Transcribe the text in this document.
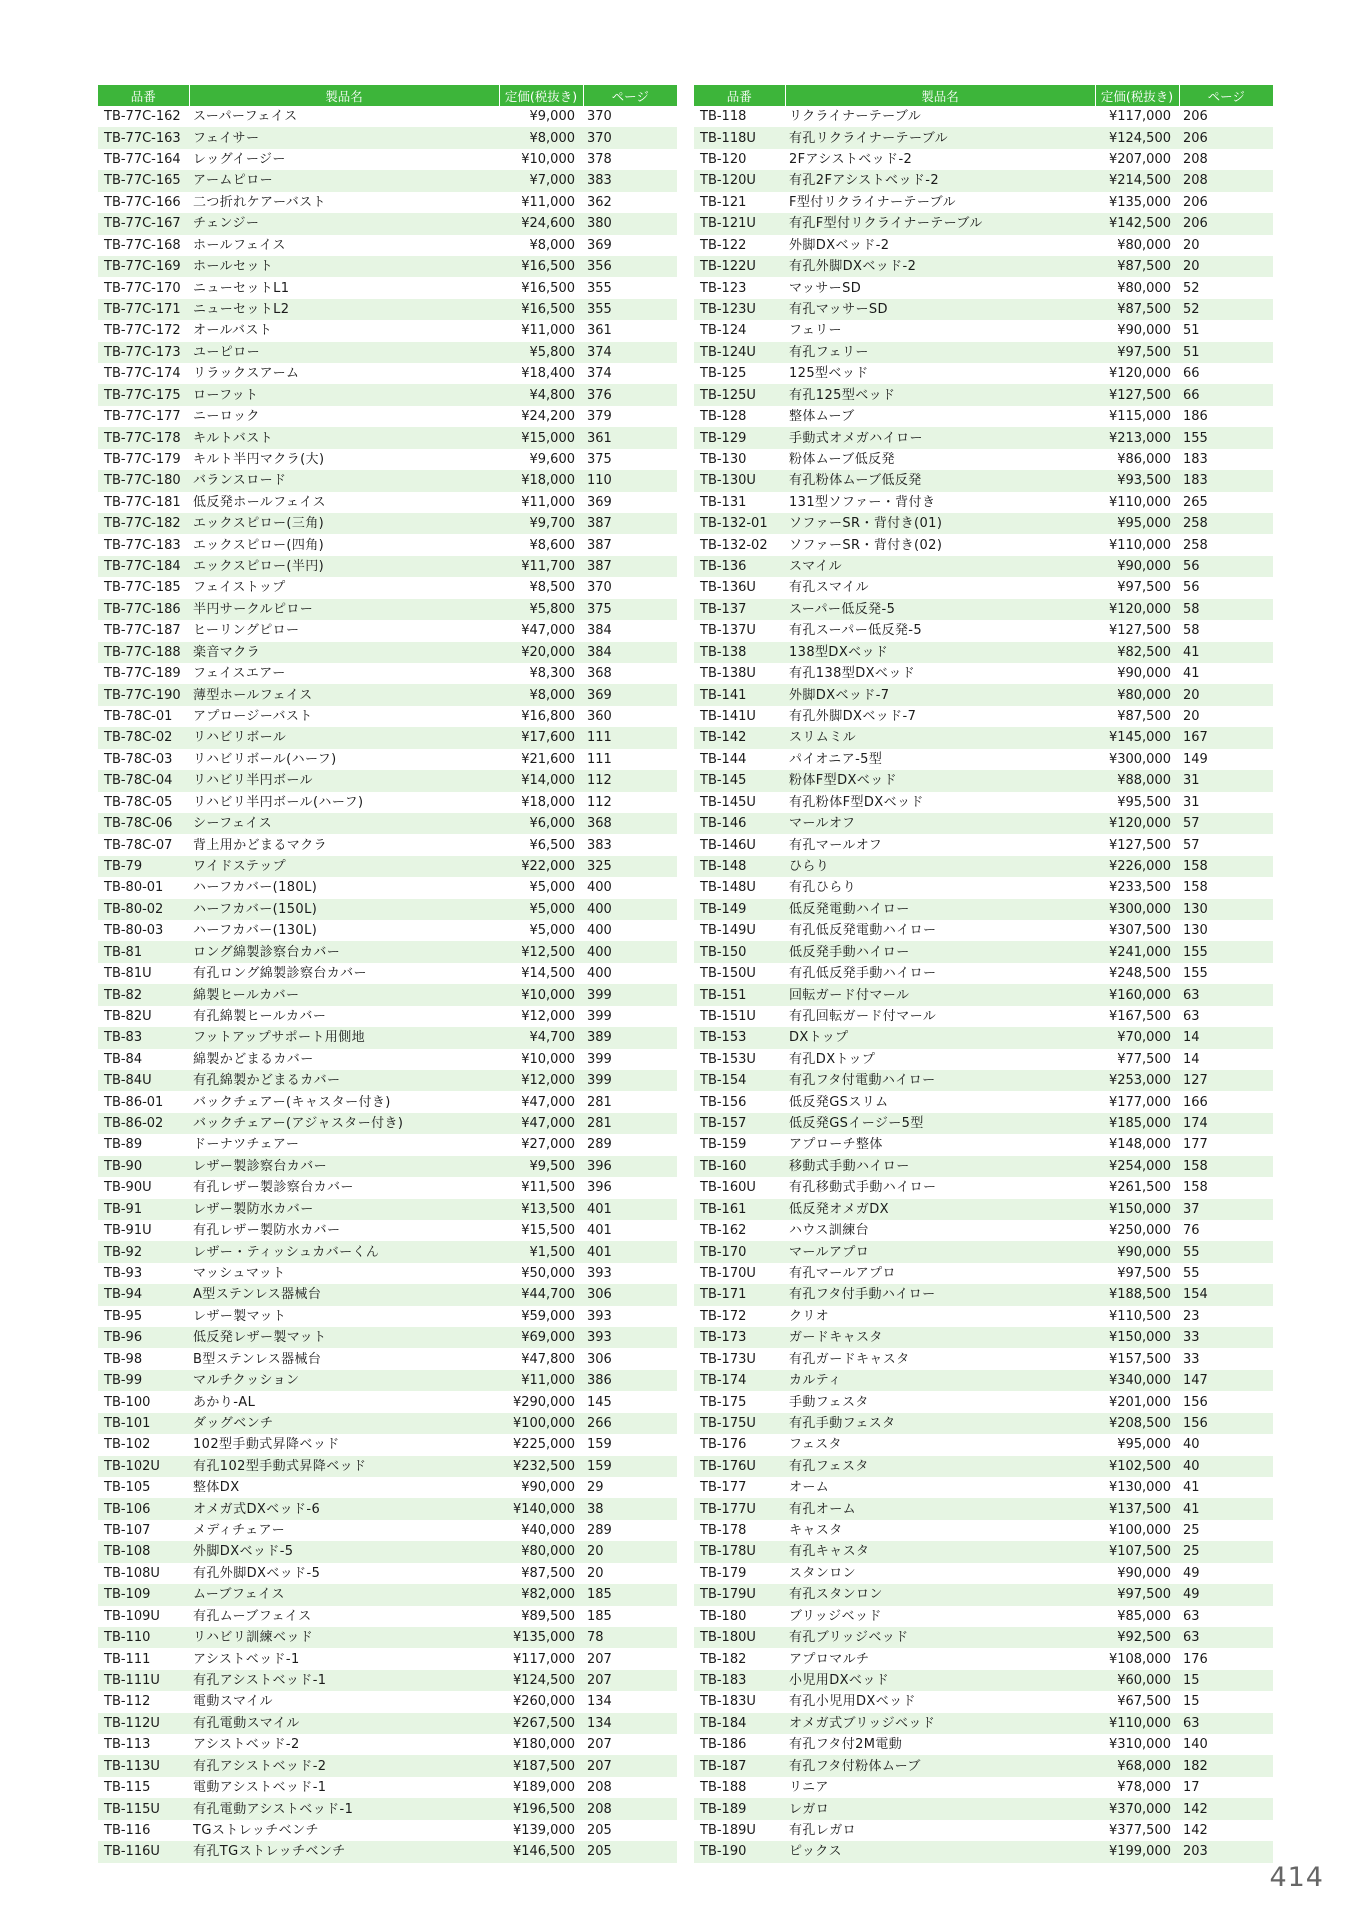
品番	製品名	定価(税抜き)	ページ
TB-77C-162	スーパーフェイス	¥9,000	370
TB-77C-163	フェイサー	¥8,000	370
TB-77C-164	レッグイージー	¥10,000	378
TB-77C-165	アームピロー	¥7,000	383
TB-77C-166	二つ折れケアーバスト	¥11,000	362
TB-77C-167	チェンジー	¥24,600	380
TB-77C-168	ホールフェイス	¥8,000	369
TB-77C-169	ホールセット	¥16,500	356
TB-77C-170	ニューセットL1	¥16,500	355
TB-77C-171	ニューセットL2	¥16,500	355
TB-77C-172	オールバスト	¥11,000	361
TB-77C-173	ユーピロー	¥5,800	374
TB-77C-174	リラックスアーム	¥18,400	374
TB-77C-175	ローフット	¥4,800	376
TB-77C-177	ニーロック	¥24,200	379
TB-77C-178	キルトバスト	¥15,000	361
TB-77C-179	キルト半円マクラ(大)	¥9,600	375
TB-77C-180	バランスロード	¥18,000	110
TB-77C-181	低反発ホールフェイス	¥11,000	369
TB-77C-182	エックスピロー(三角)	¥9,700	387
TB-77C-183	エックスピロー(四角)	¥8,600	387
TB-77C-184	エックスピロー(半円)	¥11,700	387
TB-77C-185	フェイストップ	¥8,500	370
TB-77C-186	半円サークルピロー	¥5,800	375
TB-77C-187	ヒーリングピロー	¥47,000	384
TB-77C-188	楽音マクラ	¥20,000	384
TB-77C-189	フェイスエアー	¥8,300	368
TB-77C-190	薄型ホールフェイス	¥8,000	369
TB-78C-01	アプロージーバスト	¥16,800	360
TB-78C-02	リハビリボール	¥17,600	111
TB-78C-03	リハビリボール(ハーフ)	¥21,600	111
TB-78C-04	リハビリ半円ボール	¥14,000	112
TB-78C-05	リハビリ半円ボール(ハーフ)	¥18,000	112
TB-78C-06	シーフェイス	¥6,000	368
TB-78C-07	背上用かどまるマクラ	¥6,500	383
TB-79	ワイドステップ	¥22,000	325
TB-80-01	ハーフカバー(180L)	¥5,000	400
TB-80-02	ハーフカバー(150L)	¥5,000	400
TB-80-03	ハーフカバー(130L)	¥5,000	400
TB-81	ロング綿製診察台カバー	¥12,500	400
TB-81U	有孔ロング綿製診察台カバー	¥14,500	400
TB-82	綿製ヒールカバー	¥10,000	399
TB-82U	有孔綿製ヒールカバー	¥12,000	399
TB-83	フットアップサポート用側地	¥4,700	389
TB-84	綿製かどまるカバー	¥10,000	399
TB-84U	有孔綿製かどまるカバー	¥12,000	399
TB-86-01	バックチェアー(キャスター付き)	¥47,000	281
TB-86-02	バックチェアー(アジャスター付き)	¥47,000	281
TB-89	ドーナツチェアー	¥27,000	289
TB-90	レザー製診察台カバー	¥9,500	396
TB-90U	有孔レザー製診察台カバー	¥11,500	396
TB-91	レザー製防水カバー	¥13,500	401
TB-91U	有孔レザー製防水カバー	¥15,500	401
TB-92	レザー・ティッシュカバーくん	¥1,500	401
TB-93	マッシュマット	¥50,000	393
TB-94	A型ステンレス器械台	¥44,700	306
TB-95	レザー製マット	¥59,000	393
TB-96	低反発レザー製マット	¥69,000	393
TB-98	B型ステンレス器械台	¥47,800	306
TB-99	マルチクッション	¥11,000	386
TB-100	あかり-AL	¥290,000	145
TB-101	ダッグベンチ	¥100,000	266
TB-102	102型手動式昇降ベッド	¥225,000	159
TB-102U	有孔102型手動式昇降ベッド	¥232,500	159
TB-105	整体DX	¥90,000	29
TB-106	オメガ式DXベッド-6	¥140,000	38
TB-107	メディチェアー	¥40,000	289
TB-108	外脚DXベッド-5	¥80,000	20
TB-108U	有孔外脚DXベッド-5	¥87,500	20
TB-109	ムーブフェイス	¥82,000	185
TB-109U	有孔ムーブフェイス	¥89,500	185
TB-110	リハビリ訓練ベッド	¥135,000	78
TB-111	アシストベッド-1	¥117,000	207
TB-111U	有孔アシストベッド-1	¥124,500	207
TB-112	電動スマイル	¥260,000	134
TB-112U	有孔電動スマイル	¥267,500	134
TB-113	アシストベッド-2	¥180,000	207
TB-113U	有孔アシストベッド-2	¥187,500	207
TB-115	電動アシストベッド-1	¥189,000	208
TB-115U	有孔電動アシストベッド-1	¥196,500	208
TB-116	TGストレッチベンチ	¥139,000	205
TB-116U	有孔TGストレッチベンチ	¥146,500	205
品番	製品名	定価(税抜き)	ページ
TB-118	リクライナーテーブル	¥117,000	206
TB-118U	有孔リクライナーテーブル	¥124,500	206
TB-120	2Fアシストベッド-2	¥207,000	208
TB-120U	有孔2Fアシストベッド-2	¥214,500	208
TB-121	F型付リクライナーテーブル	¥135,000	206
TB-121U	有孔F型付リクライナーテーブル	¥142,500	206
TB-122	外脚DXベッド-2	¥80,000	20
TB-122U	有孔外脚DXベッド-2	¥87,500	20
TB-123	マッサーSD	¥80,000	52
TB-123U	有孔マッサーSD	¥87,500	52
TB-124	フェリー	¥90,000	51
TB-124U	有孔フェリー	¥97,500	51
TB-125	125型ベッド	¥120,000	66
TB-125U	有孔125型ベッド	¥127,500	66
TB-128	整体ムーブ	¥115,000	186
TB-129	手動式オメガハイロー	¥213,000	155
TB-130	粉体ムーブ低反発	¥86,000	183
TB-130U	有孔粉体ムーブ低反発	¥93,500	183
TB-131	131型ソファー・背付き	¥110,000	265
TB-132-01	ソファーSR・背付き(01)	¥95,000	258
TB-132-02	ソファーSR・背付き(02)	¥110,000	258
TB-136	スマイル	¥90,000	56
TB-136U	有孔スマイル	¥97,500	56
TB-137	スーパー低反発-5	¥120,000	58
TB-137U	有孔スーパー低反発-5	¥127,500	58
TB-138	138型DXベッド	¥82,500	41
TB-138U	有孔138型DXベッド	¥90,000	41
TB-141	外脚DXベッド-7	¥80,000	20
TB-141U	有孔外脚DXベッド-7	¥87,500	20
TB-142	スリムミル	¥145,000	167
TB-144	パイオニア-5型	¥300,000	149
TB-145	粉体F型DXベッド	¥88,000	31
TB-145U	有孔粉体F型DXベッド	¥95,500	31
TB-146	マールオフ	¥120,000	57
TB-146U	有孔マールオフ	¥127,500	57
TB-148	ひらり	¥226,000	158
TB-148U	有孔ひらり	¥233,500	158
TB-149	低反発電動ハイロー	¥300,000	130
TB-149U	有孔低反発電動ハイロー	¥307,500	130
TB-150	低反発手動ハイロー	¥241,000	155
TB-150U	有孔低反発手動ハイロー	¥248,500	155
TB-151	回転ガード付マール	¥160,000	63
TB-151U	有孔回転ガード付マール	¥167,500	63
TB-153	DXトップ	¥70,000	14
TB-153U	有孔DXトップ	¥77,500	14
TB-154	有孔フタ付電動ハイロー	¥253,000	127
TB-156	低反発GSスリム	¥177,000	166
TB-157	低反発GSイージー5型	¥185,000	174
TB-159	アプローチ整体	¥148,000	177
TB-160	移動式手動ハイロー	¥254,000	158
TB-160U	有孔移動式手動ハイロー	¥261,500	158
TB-161	低反発オメガDX	¥150,000	37
TB-162	ハウス訓練台	¥250,000	76
TB-170	マールアプロ	¥90,000	55
TB-170U	有孔マールアプロ	¥97,500	55
TB-171	有孔フタ付手動ハイロー	¥188,500	154
TB-172	クリオ	¥110,500	23
TB-173	ガードキャスタ	¥150,000	33
TB-173U	有孔ガードキャスタ	¥157,500	33
TB-174	カルティ	¥340,000	147
TB-175	手動フェスタ	¥201,000	156
TB-175U	有孔手動フェスタ	¥208,500	156
TB-176	フェスタ	¥95,000	40
TB-176U	有孔フェスタ	¥102,500	40
TB-177	オーム	¥130,000	41
TB-177U	有孔オーム	¥137,500	41
TB-178	キャスタ	¥100,000	25
TB-178U	有孔キャスタ	¥107,500	25
TB-179	スタンロン	¥90,000	49
TB-179U	有孔スタンロン	¥97,500	49
TB-180	ブリッジベッド	¥85,000	63
TB-180U	有孔ブリッジベッド	¥92,500	63
TB-182	アプロマルチ	¥108,000	176
TB-183	小児用DXベッド	¥60,000	15
TB-183U	有孔小児用DXベッド	¥67,500	15
TB-184	オメガ式ブリッジベッド	¥110,000	63
TB-186	有孔フタ付2M電動	¥310,000	140
TB-187	有孔フタ付粉体ムーブ	¥68,000	182
TB-188	リニア	¥78,000	17
TB-189	レガロ	¥370,000	142
TB-189U	有孔レガロ	¥377,500	142
TB-190	ピックス	¥199,000	203
414
